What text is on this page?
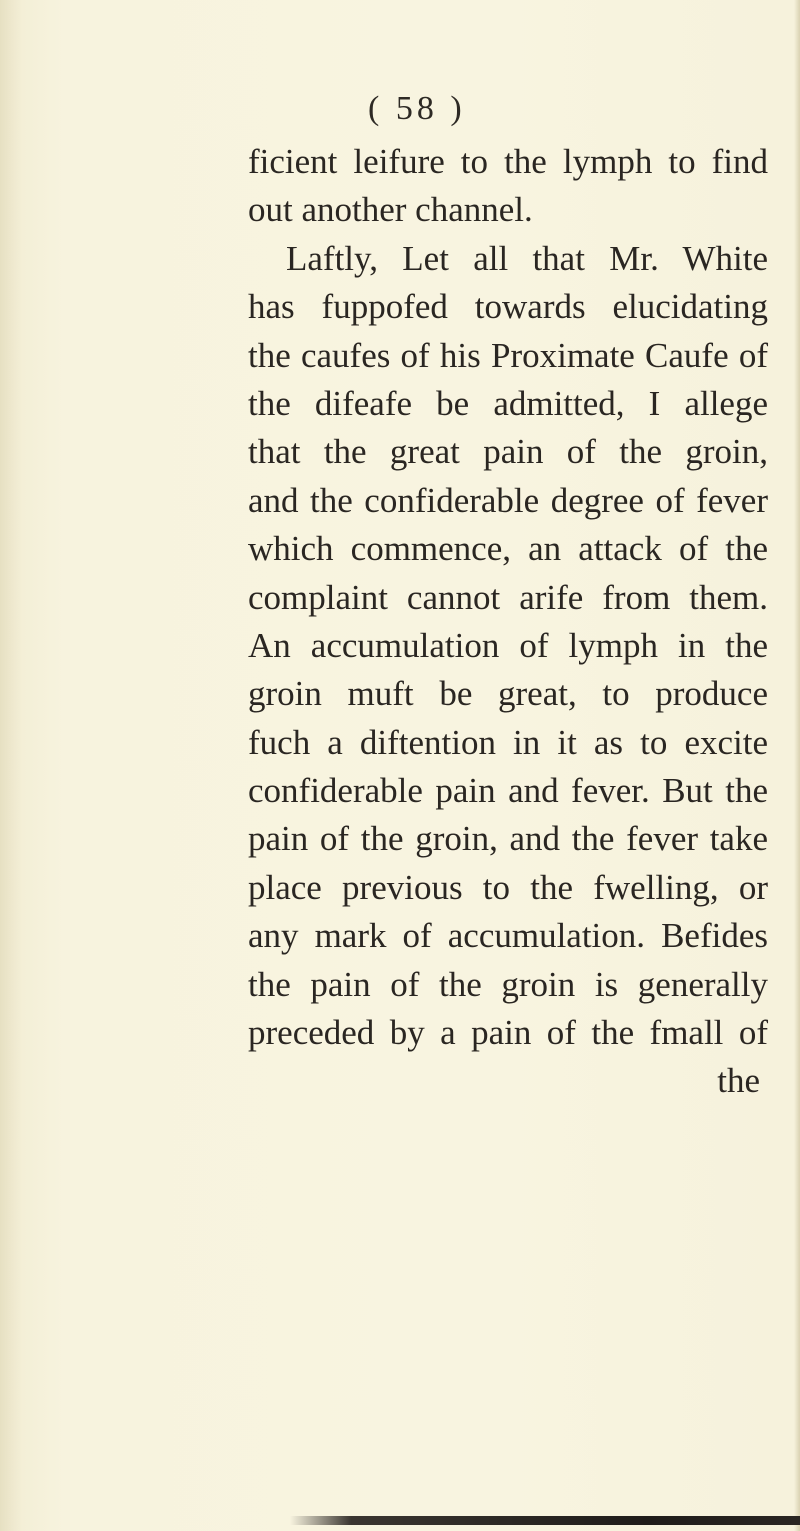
( 58 )
ficient leifure to the lymph to find
out another channel.
Laftly, Let all that Mr. White
has fuppofed towards elucidating
the caufes of his Proximate Caufe of
the difeafe be admitted, I allege
that the great pain of the groin,
and the confiderable degree of fever
which commence, an attack of the
complaint cannot arife from them.
An accumulation of lymph in the
groin muft be great, to produce
fuch a diftention in it as to excite
confiderable pain and fever. But the
pain of the groin, and the fever take
place previous to the fwelling, or
any mark of accumulation. Befides
the pain of the groin is generally
preceded by a pain of the fmall of
the
